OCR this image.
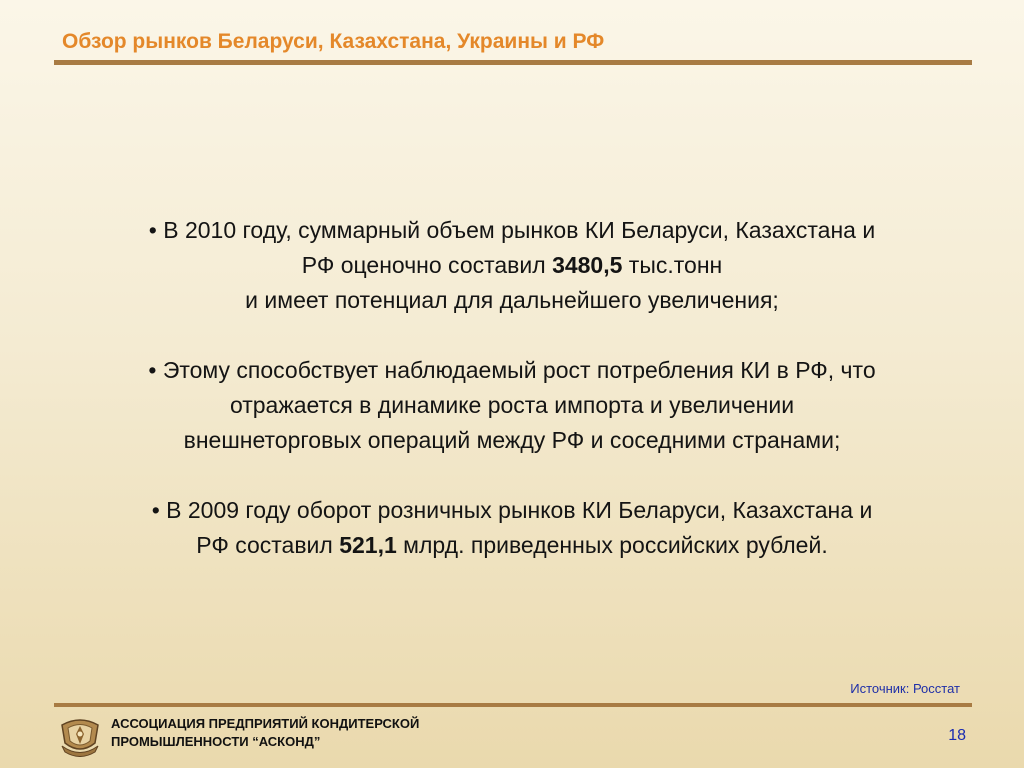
Обзор рынков Беларуси, Казахстана, Украины и РФ
• В 2010 году, суммарный объем рынков КИ Беларуси, Казахстана и
РФ оценочно составил 3480,5 тыс.тонн
и имеет потенциал для дальнейшего увеличения;
• Этому способствует наблюдаемый рост потребления КИ в РФ, что
отражается в динамике роста импорта и увеличении
внешнеторговых операций между РФ и соседними странами;
• В 2009 году оборот розничных рынков КИ Беларуси, Казахстана и
РФ составил 521,1 млрд. приведенных российских рублей.
Источник: Росстат
АССОЦИАЦИЯ ПРЕДПРИЯТИЙ КОНДИТЕРСКОЙ
ПРОМЫШЛЕННОСТИ “АСКОНД”	18
